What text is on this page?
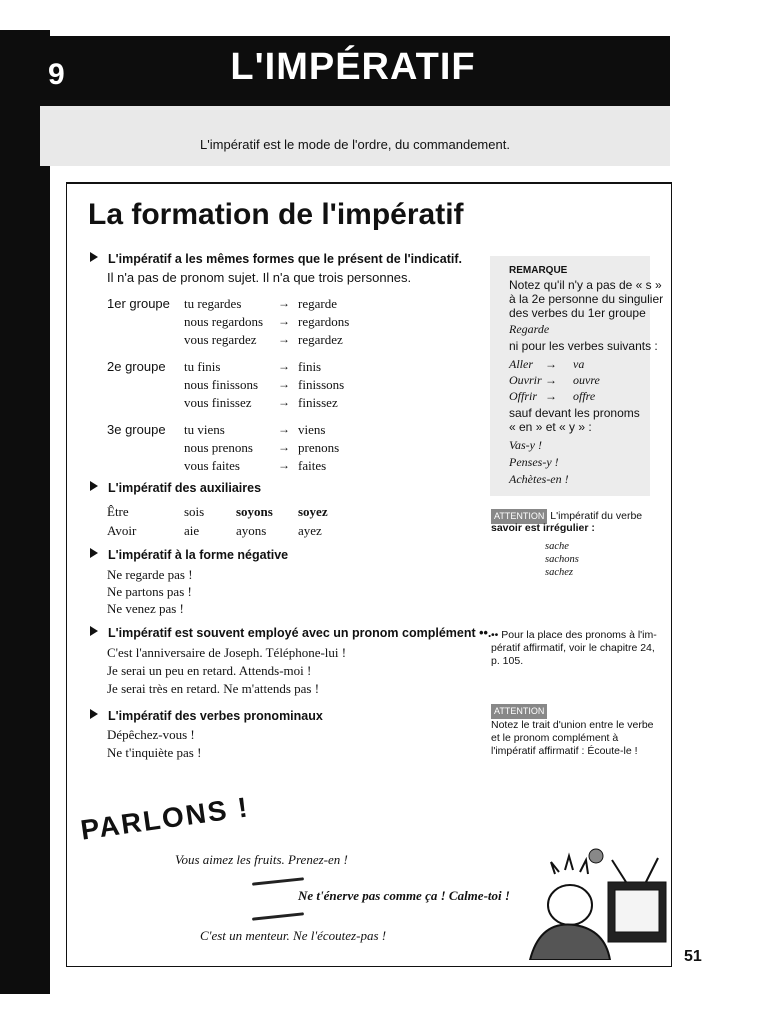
L'IMPÉRATIF
9
L'impératif est le mode de l'ordre, du commandement.
La formation de l'impératif
L'impératif a les mêmes formes que le présent de l'indicatif.
Il n'a pas de pronom sujet. Il n'a que trois personnes.
1er groupe tu regardes	→ regarde
nous regardons → regardons
vous regardez → regardez
2e groupe tu finis	→ finis
nous finissons → finissons
vous finissez → finissez
3e groupe tu viens	→ viens
nous prenons → prenons
vous faites	→ faites
L'impératif des auxiliaires
Être	sois soyons soyez
Avoir	aie	ayons ayez
L'impératif à la forme négative
Ne regarde pas !
Ne partons pas !
Ne venez pas !
L'impératif est souvent employé avec un pronom complément ••.
C'est l'anniversaire de Joseph. Téléphone-lui !
Je serai un peu en retard. Attends-moi !
Je serai très en retard. Ne m'attends pas !
L'impératif des verbes pronominaux
Dépêchez-vous !
Ne t'inquiète pas !
REMARQUE
Notez qu'il n'y a pas de « s »
à la 2e personne du singulier
des verbes du 1er groupe
Regarde
ni pour les verbes suivants :
Aller → va
Ouvrir → ouvre
Offrir → offre
sauf devant les pronoms
« en » et « y » :
Vas-y !
Penses-y !
Achètes-en !
ATTENTION L'impératif du verbe
savoir est irrégulier :
sache
sachons
sachez
•• Pour la place des pronoms à l'im-
pératif affirmatif, voir le chapitre 24,
p. 105.
ATTENTION
Notez le trait d'union entre le verbe
et le pronom complément à
l'impératif affirmatif : Écoute-le !
PARLONS !
Vous aimez les fruits. Prenez-en !
Ne t'énerve pas comme ça ! Calme-toi !
C'est un menteur. Ne l'écoutez-pas !
51
